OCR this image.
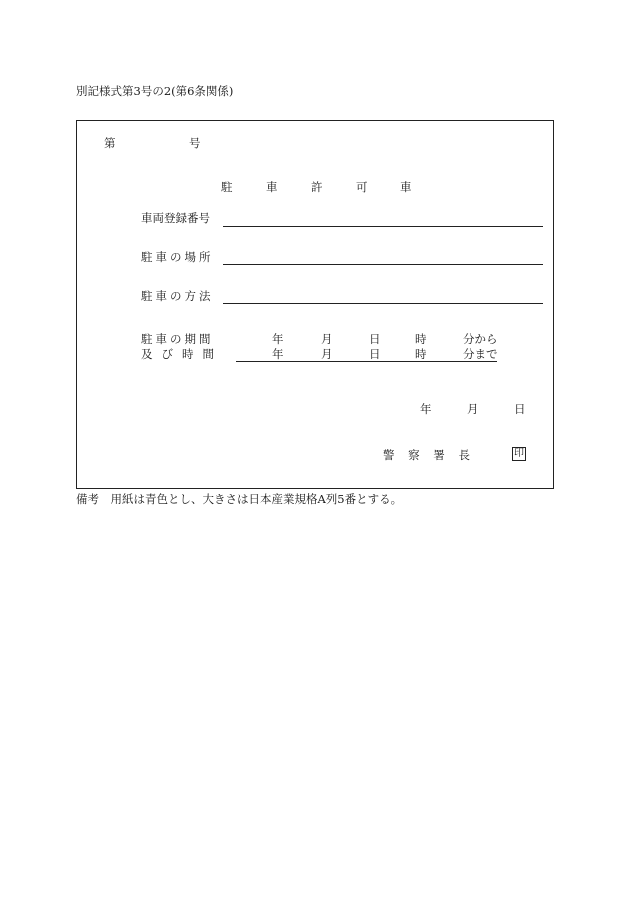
別記様式第3号の2(第6条関係)
第	号
駐	車	許	可	車
車両登録番号
駐車の場所
駐車の方法
駐車の期間
及び時間
年	月	日	時	分から
年	月	日	時	分まで
年	月	日
警 察 署 長	印
備考　用紙は青色とし、大きさは日本産業規格A列5番とする。
